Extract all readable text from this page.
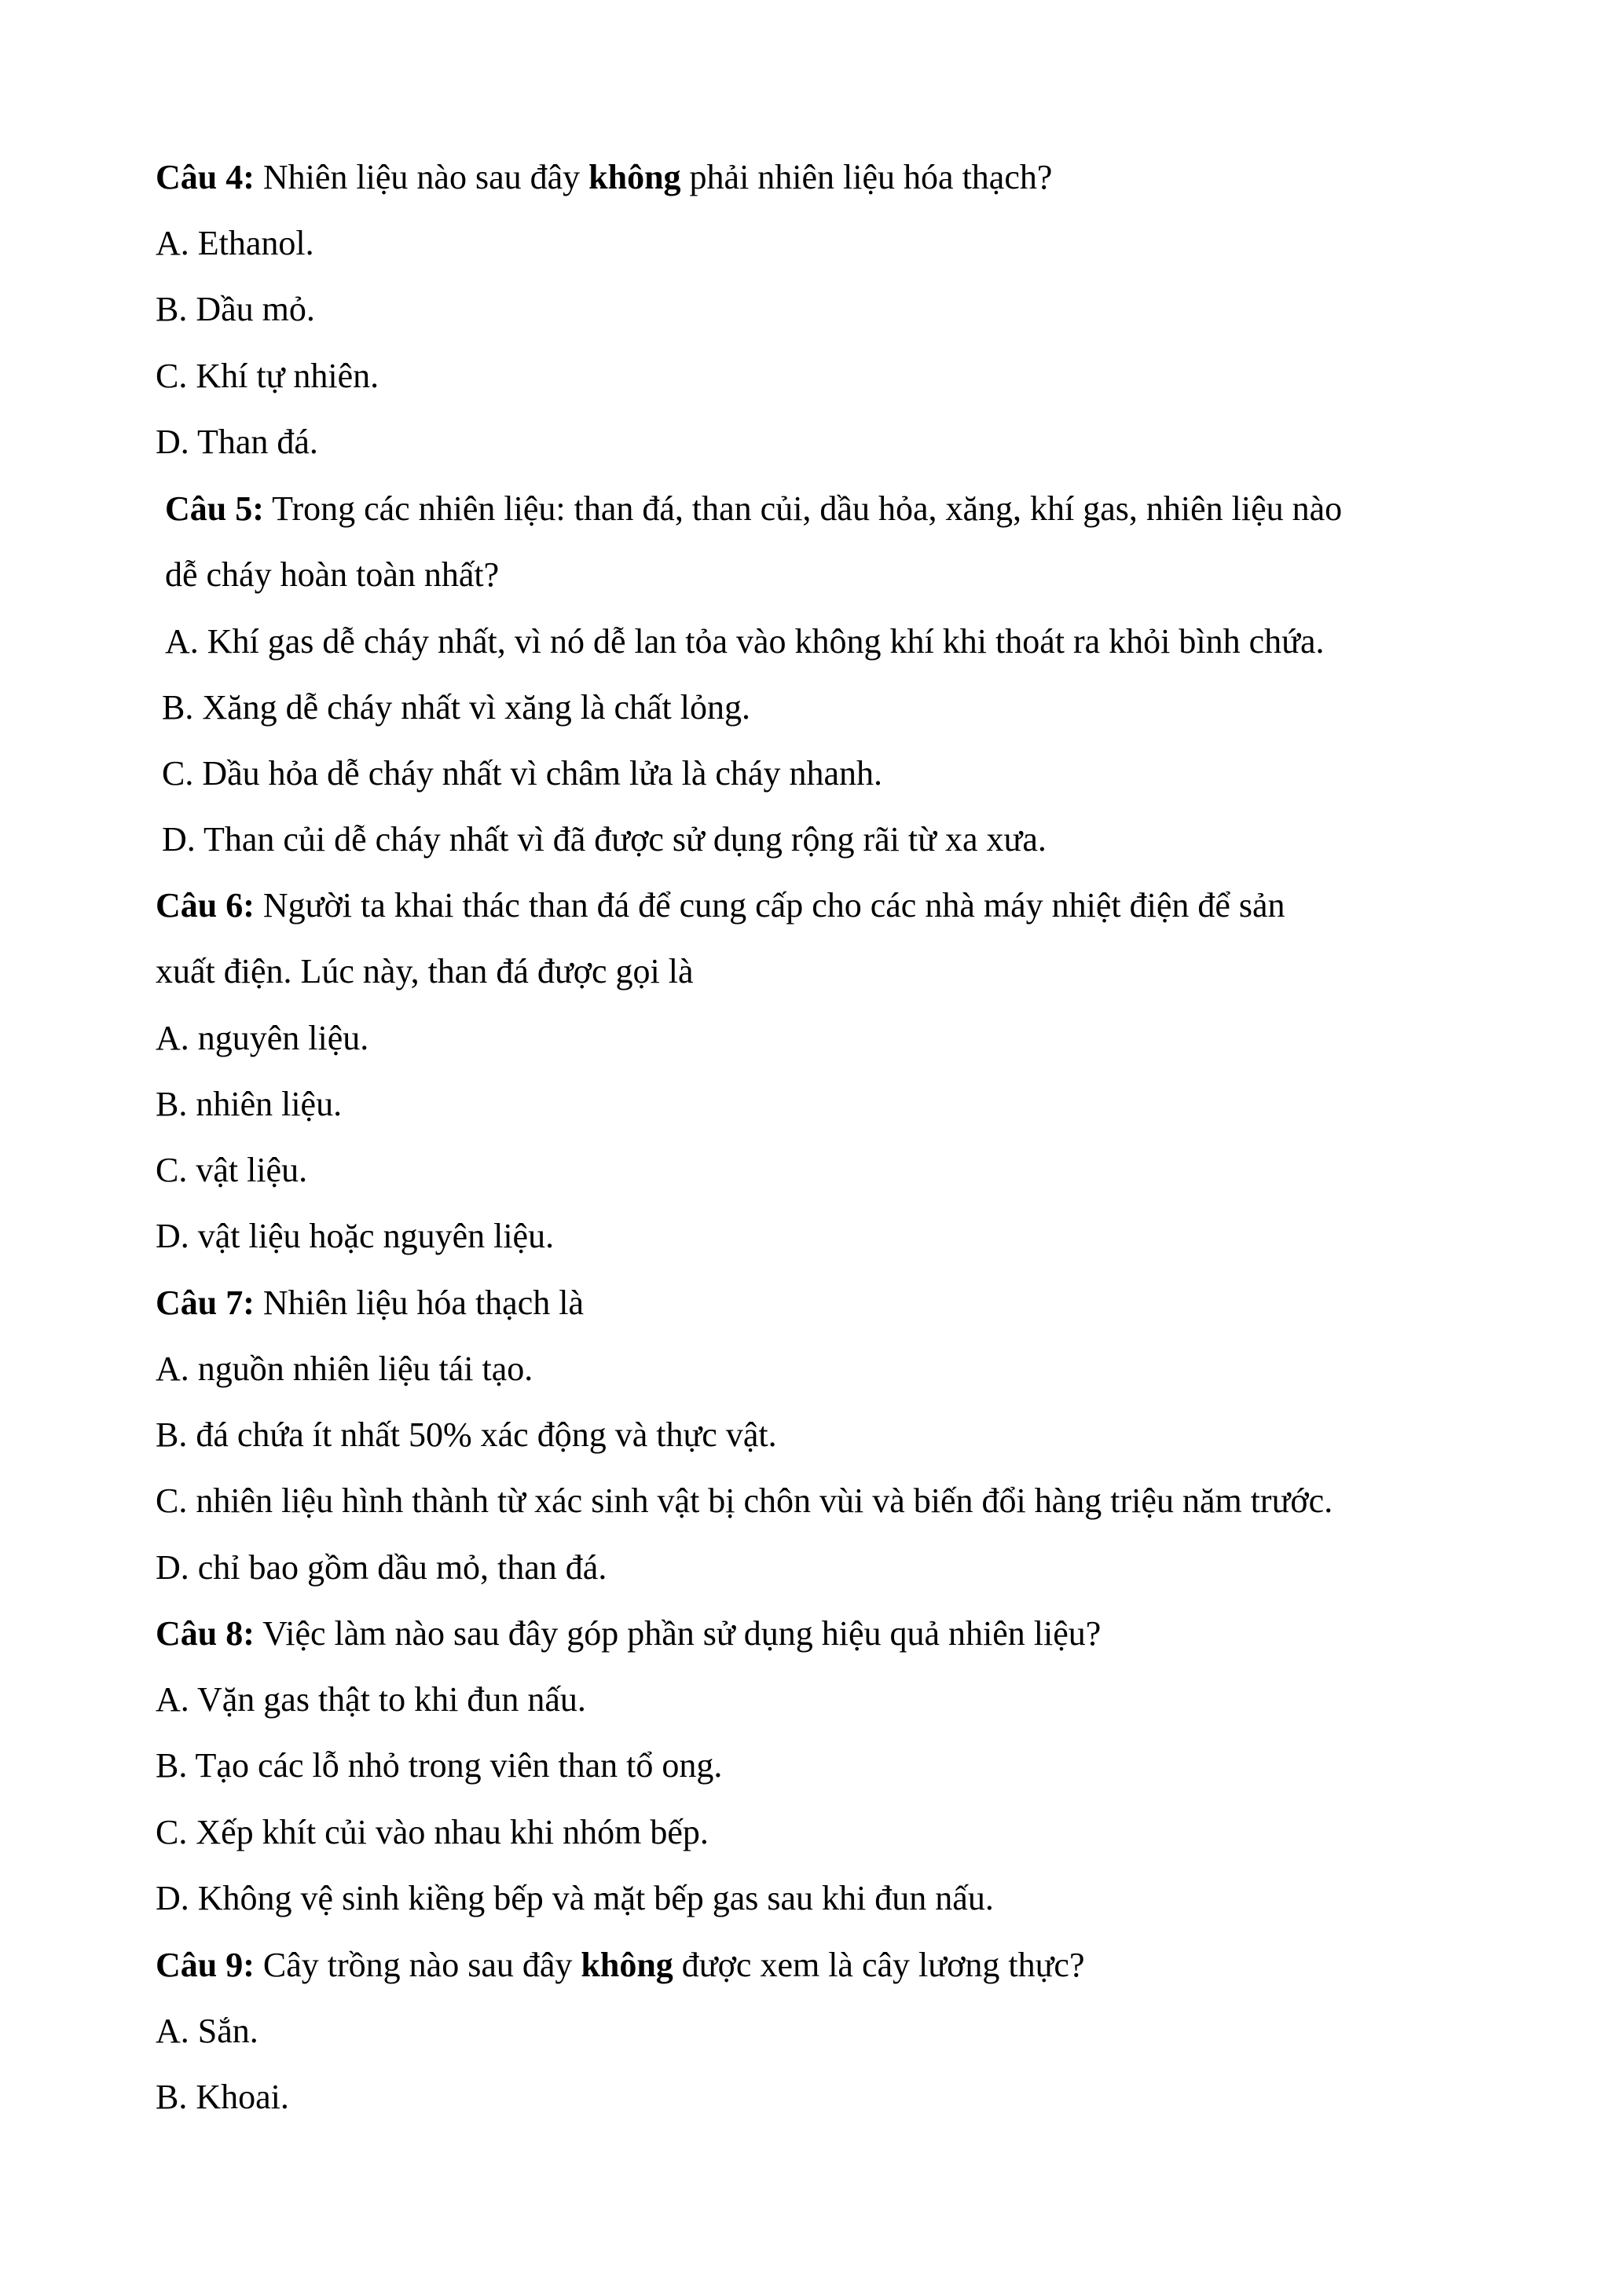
Câu 4: Nhiên liệu nào sau đây không phải nhiên liệu hóa thạch?
A. Ethanol.
B. Dầu mỏ.
C. Khí tự nhiên.
D. Than đá.
Câu 5: Trong các nhiên liệu: than đá, than củi, dầu hỏa, xăng, khí gas, nhiên liệu nào
dễ cháy hoàn toàn nhất?
A. Khí gas dễ cháy nhất, vì nó dễ lan tỏa vào không khí khi thoát ra khỏi bình chứa.
B. Xăng dễ cháy nhất vì xăng là chất lỏng.
C. Dầu hỏa dễ cháy nhất vì châm lửa là cháy nhanh.
D. Than củi dễ cháy nhất vì đã được sử dụng rộng rãi từ xa xưa.
Câu 6: Người ta khai thác than đá để cung cấp cho các nhà máy nhiệt điện để sản
xuất điện. Lúc này, than đá được gọi là
A. nguyên liệu.
B. nhiên liệu.
C. vật liệu.
D. vật liệu hoặc nguyên liệu.
Câu 7: Nhiên liệu hóa thạch là
A. nguồn nhiên liệu tái tạo.
B. đá chứa ít nhất 50% xác động và thực vật.
C. nhiên liệu hình thành từ xác sinh vật bị chôn vùi và biến đổi hàng triệu năm trước.
D. chỉ bao gồm dầu mỏ, than đá.
Câu 8: Việc làm nào sau đây góp phần sử dụng hiệu quả nhiên liệu?
A. Vặn gas thật to khi đun nấu.
B. Tạo các lỗ nhỏ trong viên than tổ ong.
C. Xếp khít củi vào nhau khi nhóm bếp.
D. Không vệ sinh kiềng bếp và mặt bếp gas sau khi đun nấu.
Câu 9: Cây trồng nào sau đây không được xem là cây lương thực?
A. Sắn.
B. Khoai.
